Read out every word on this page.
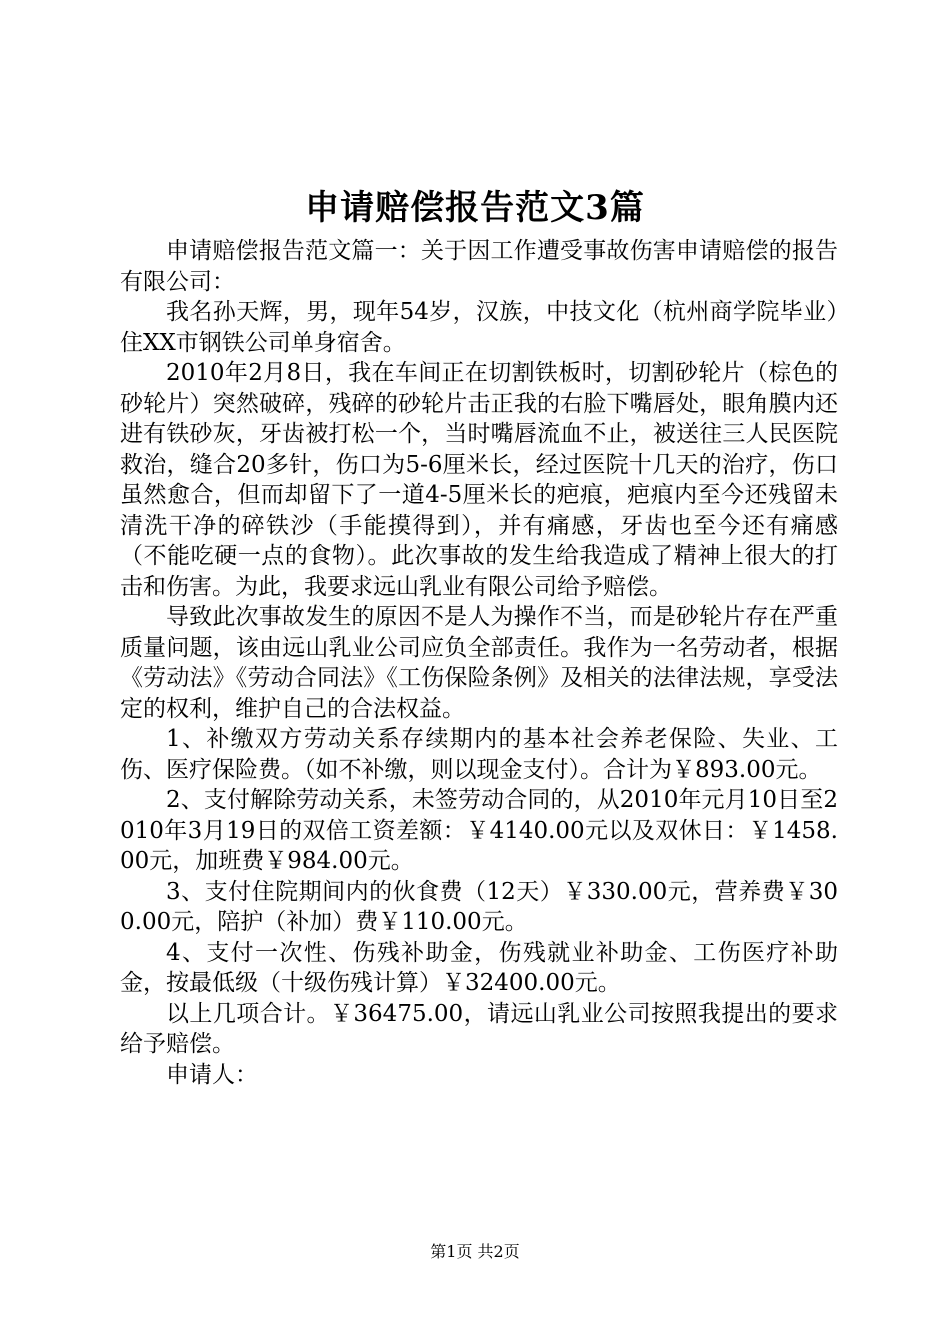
申请赔偿报告范文3篇

申请赔偿报告范文篇一：关于因工作遭受事故伤害申请赔偿的报告有限公司：

我名孙天辉，男，现年54岁，汉族，中技文化（杭州商学院毕业）住XX市钢铁公司单身宿舍。

2010年2月8日，我在车间正在切割铁板时，切割砂轮片（棕色的砂轮片）突然破碎，残碎的砂轮片击正我的右脸下嘴唇处，眼角膜内还进有铁砂灰，牙齿被打松一个，当时嘴唇流血不止，被送往三人民医院救治，缝合20多针，伤口为5-6厘米长，经过医院十几天的治疗，伤口虽然愈合，但而却留下了一道4-5厘米长的疤痕，疤痕内至今还残留未清洗干净的碎铁沙（手能摸得到），并有痛感，牙齿也至今还有痛感（不能吃硬一点的食物）。此次事故的发生给我造成了精神上很大的打击和伤害。为此，我要求远山乳业有限公司给予赔偿。

导致此次事故发生的原因不是人为操作不当，而是砂轮片存在严重质量问题，该由远山乳业公司应负全部责任。我作为一名劳动者，根据《劳动法》《劳动合同法》《工伤保险条例》及相关的法律法规，享受法定的权利，维护自己的合法权益。

1、补缴双方劳动关系存续期内的基本社会养老保险、失业、工伤、医疗保险费。（如不补缴，则以现金支付）。合计为￥893.00元。

2、支付解除劳动关系，未签劳动合同的，从2010年元月10日至2010年3月19日的双倍工资差额：￥4140.00元以及双休日：￥1458.00元，加班费￥984.00元。

3、支付住院期间内的伙食费（12天）￥330.00元，营养费￥300.00元，陪护（补加）费￥110.00元。

4、支付一次性、伤残补助金，伤残就业补助金、工伤医疗补助金，按最低级（十级伤残计算）￥32400.00元。

以上几项合计。￥36475.00，请远山乳业公司按照我提出的要求给予赔偿。

申请人：

第1页 共2页
